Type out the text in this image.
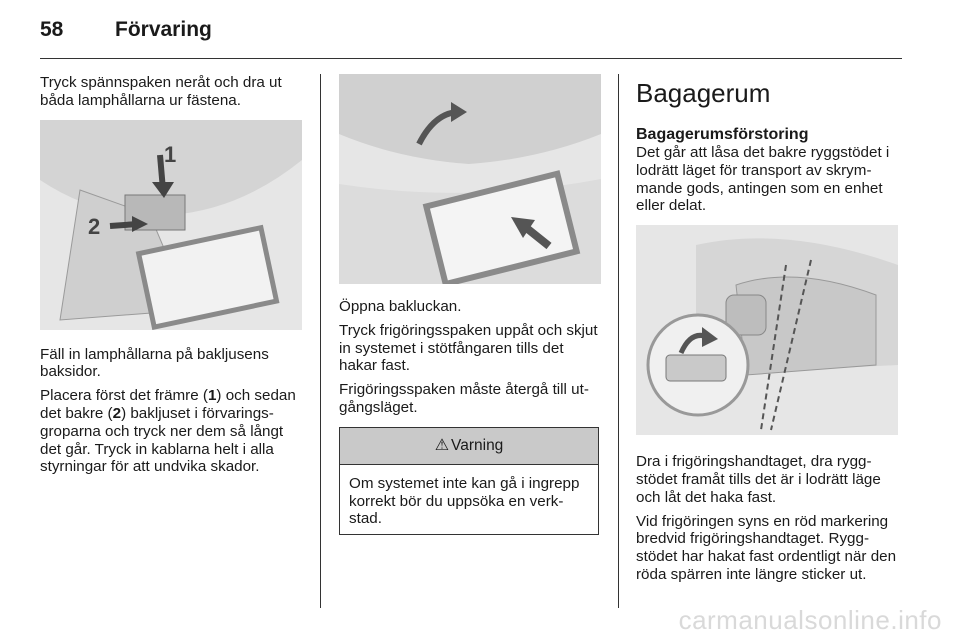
58	Förvaring

Tryck spännspaken neråt och dra ut båda lamphållarna ur fästena.

1
2

Fäll in lamphållarna på bakljusens baksidor.

Placera först det främre (1) och sedan det bakre (2) bakljuset i förvaringsgroparna och tryck ner dem så långt det går. Tryck in kablarna helt i alla styrningar för att undvika skador.

Öppna bakluckan.

Tryck frigöringsspaken uppåt och skjut in systemet i stötfångaren tills det hakar fast.

Frigöringsspaken måste återgå till utgångsläget.

⚠ Varning
Om systemet inte kan gå i ingrepp korrekt bör du uppsöka en verkstad.
Bagagerum
Bagagerumsförstoring

Det går att låsa det bakre ryggstödet i lodrätt läget för transport av skrymmande gods, antingen som en enhet eller delat.

Dra i frigöringshandtaget, dra ryggstödet framåt tills det är i lodrätt läge och låt det haka fast.

Vid frigöringen syns en röd markering bredvid frigöringshandtaget. Ryggstödet har hakat fast ordentligt när den röda spärren inte längre sticker ut.

carmanualsonline.info
